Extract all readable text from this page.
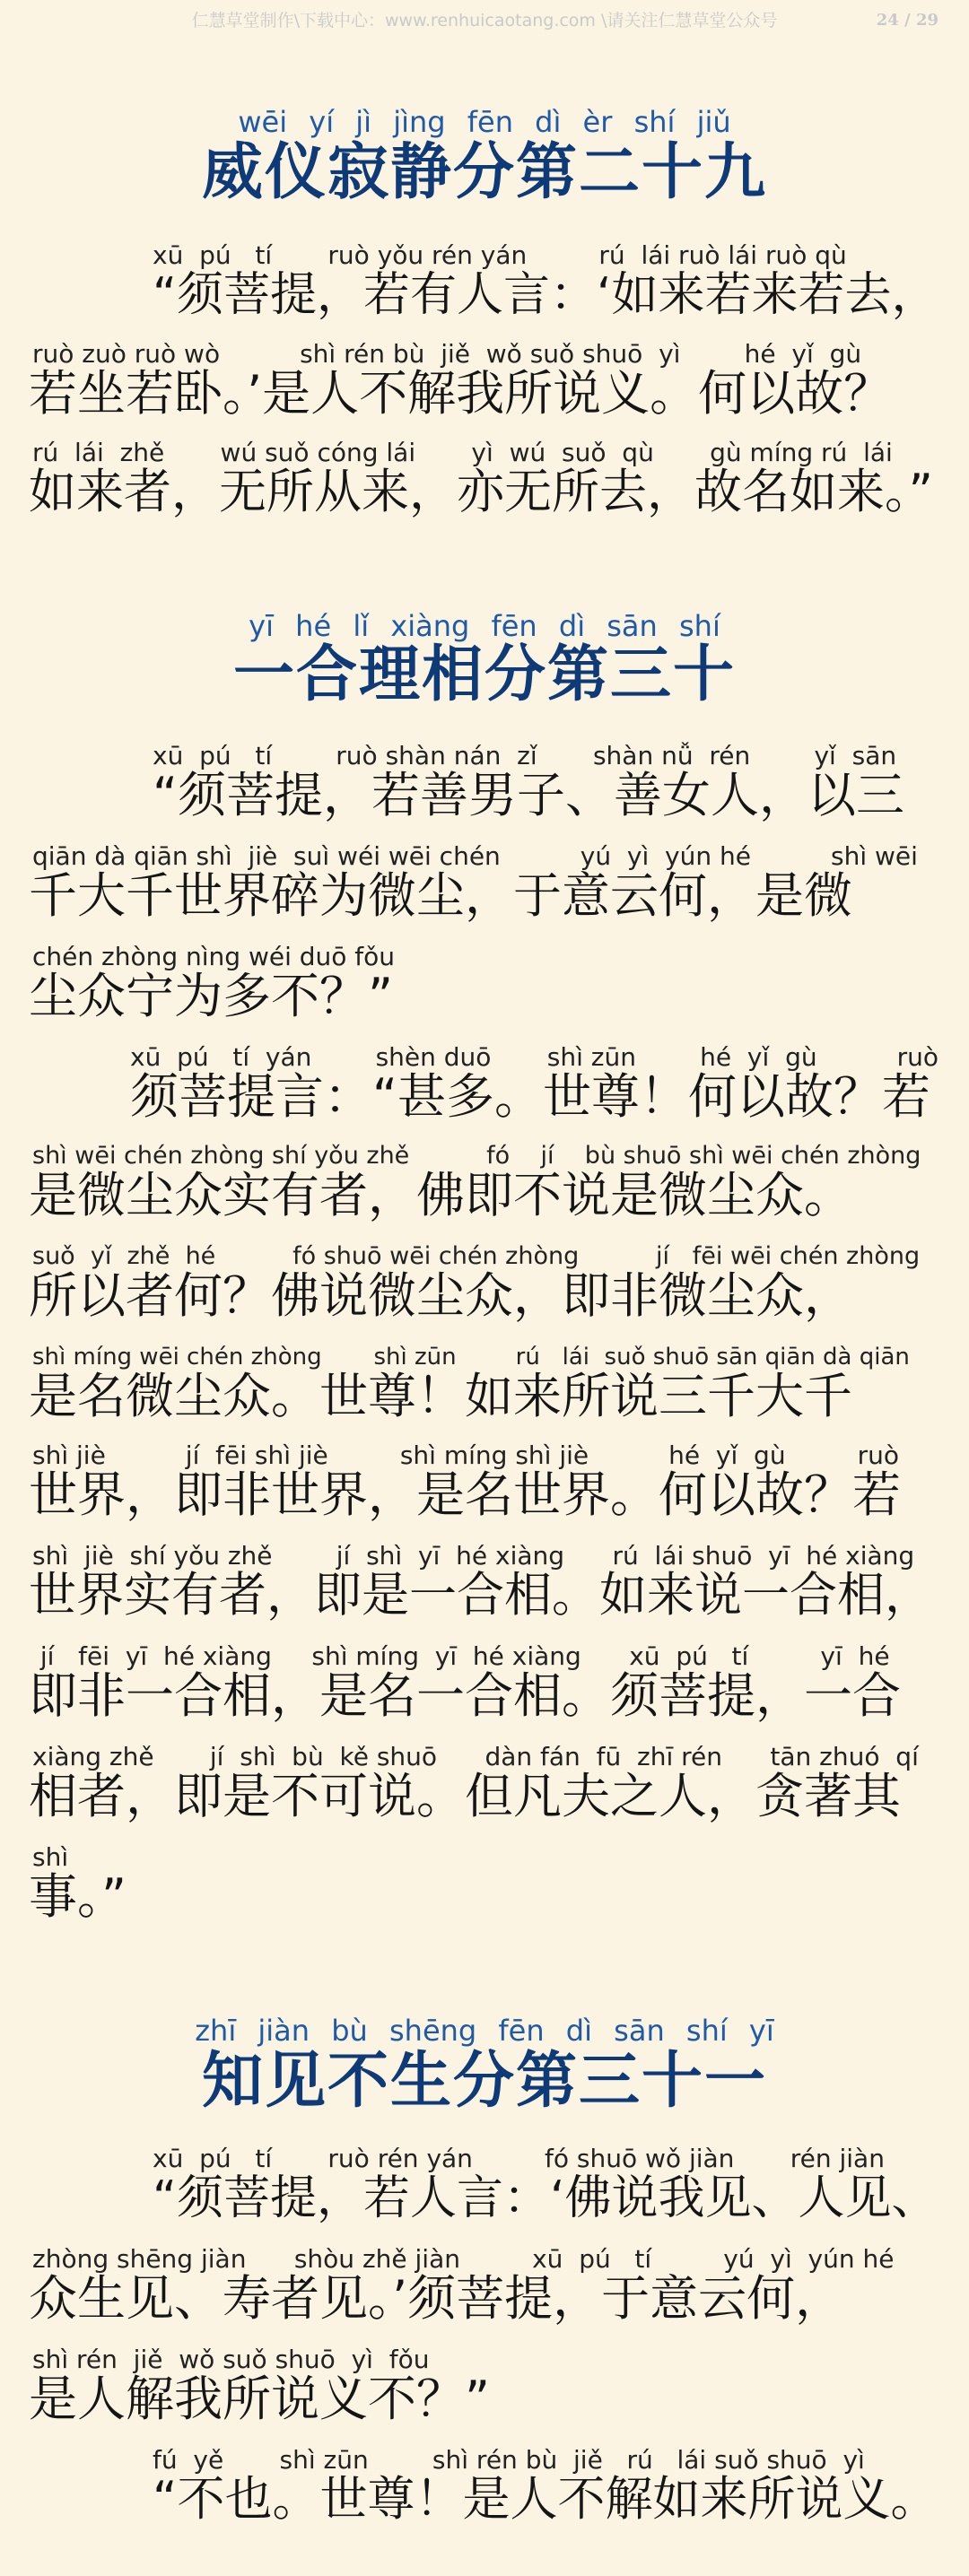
仁慧草堂制作\下载中心：www.renhuicaotang.com \请关注仁慧草堂公众号	24 / 29
wēi yí jì jìng fēn dì èr shí jiǔ
威仪寂静分第二十九
xū  pú   tí       ruò yǒu rén yán         rú  lái ruò lái ruò qù
“须菩提，若有人言：‘如来若来若去，
ruò zuò ruò wò          shì rén bù  jiě  wǒ suǒ shuō  yì        hé  yǐ  gù
若坐若卧。’是人不解我所说义。何以故？
rú  lái  zhě       wú suǒ cóng lái       yì  wú  suǒ  qù       gù míng rú  lái
如来者，无所从来，亦无所去，故名如来。”
yī hé lǐ xiàng fēn dì sān shí
一合理相分第三十
xū  pú   tí        ruò shàn nán  zǐ       shàn nǚ  rén        yǐ  sān
“须菩提，若善男子、善女人，以三
qiān dà qiān shì  jiè  suì wéi wēi chén          yú  yì  yún hé          shì wēi
千大千世界碎为微尘，于意云何，是微
chén zhòng nìng wéi duō fǒu
尘众宁为多不？”
xū  pú   tí  yán        shèn duō       shì zūn        hé  yǐ  gù          ruò
须菩提言：“甚多。世尊！何以故？若
shì wēi chén zhòng shí yǒu zhě          fó    jí    bù shuō shì wēi chén zhòng
是微尘众实有者，佛即不说是微尘众。
suǒ  yǐ  zhě  hé          fó shuō wēi chén zhòng          jí   fēi wēi chén zhòng
所以者何？佛说微尘众，即非微尘众，
shì míng wēi chén zhòng       shì zūn        rú   lái  suǒ shuō sān qiān dà qiān
是名微尘众。世尊！如来所说三千大千
shì jiè          jí  fēi shì jiè         shì míng shì jiè          hé  yǐ  gù         ruò
世界，即非世界，是名世界。何以故？若
shì  jiè  shí yǒu zhě        jí  shì  yī  hé xiàng      rú  lái shuō  yī  hé xiàng
世界实有者，即是一合相。如来说一合相，
jí   fēi  yī  hé xiàng     shì míng  yī  hé xiàng      xū  pú   tí         yī  hé
即非一合相，是名一合相。须菩提，一合
xiàng zhě       jí  shì  bù  kě shuō      dàn fán  fū  zhī rén      tān zhuó  qí
相者，即是不可说。但凡夫之人，贪著其
shì
事。”
zhī jiàn bù shēng fēn dì sān shí yī
知见不生分第三十一
xū  pú   tí       ruò rén yán         fó shuō wǒ jiàn       rén jiàn
“须菩提，若人言：‘佛说我见、人见、
zhòng shēng jiàn      shòu zhě jiàn         xū  pú   tí         yú  yì  yún hé
众生见、寿者见。’须菩提，于意云何，
shì rén  jiě  wǒ suǒ shuō  yì  fǒu
是人解我所说义不？”
fú  yě       shì zūn        shì rén bù  jiě   rú   lái suǒ shuō  yì
“不也。世尊！是人不解如来所说义。
